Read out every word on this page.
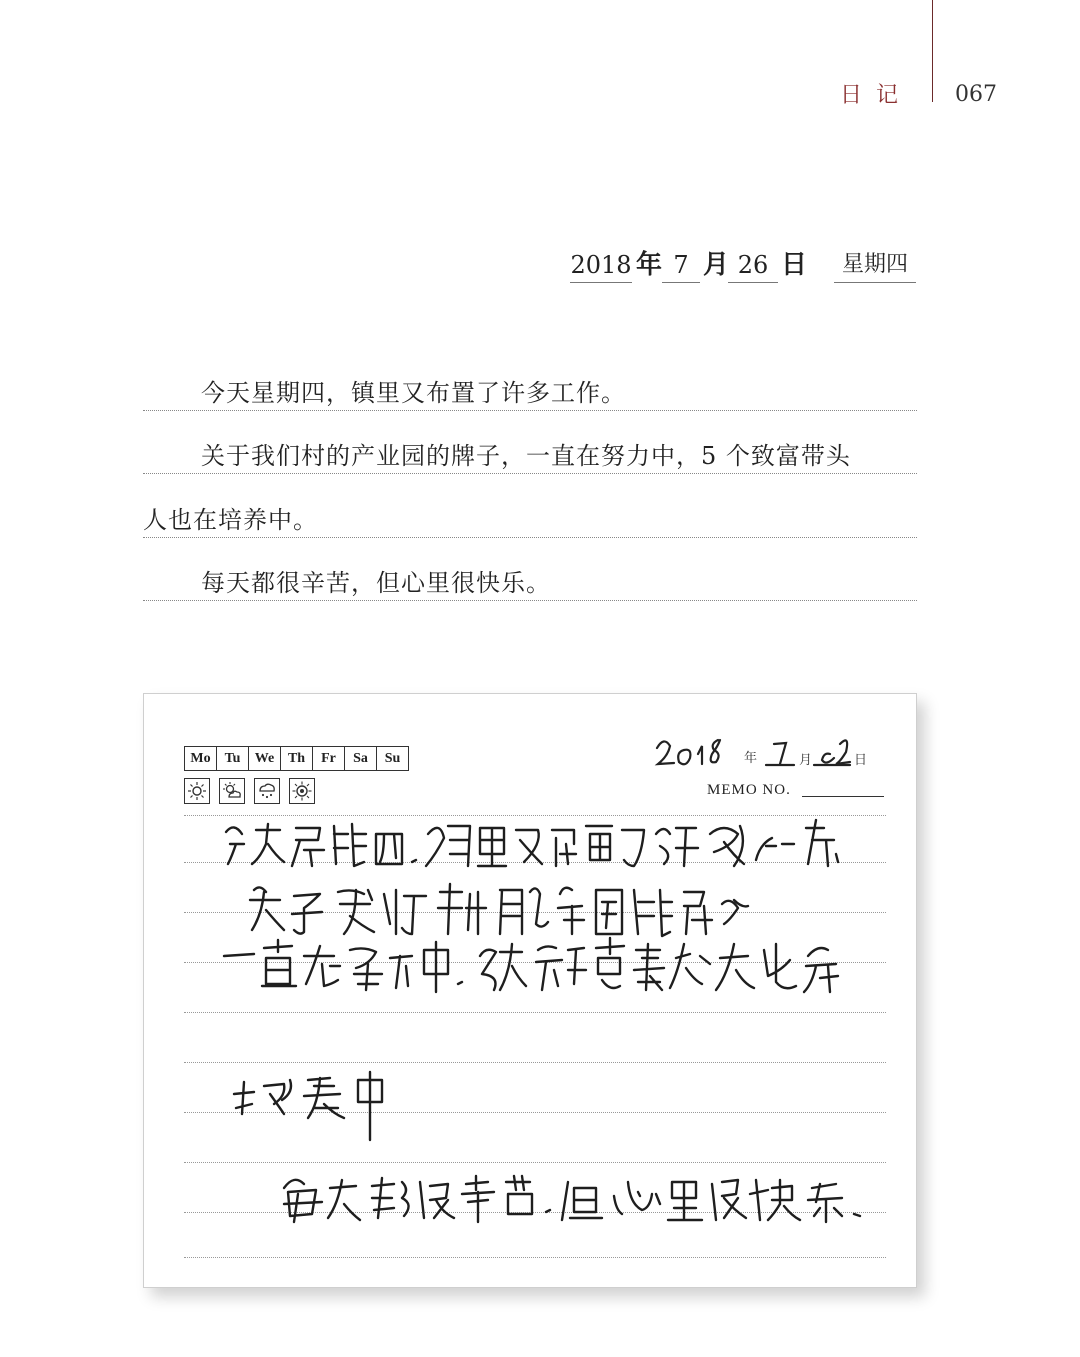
日记 067
2018 年 7 月 26 日	星期四
今天星期四，镇里又布置了许多工作。
关于我们村的产业园的牌子，一直在努力中，5 个致富带头
人也在培养中。
每天都很辛苦，但心里很快乐。
Mo Tu	We Th	Fr	Sa	Su	年	月	日
MEMO NO.
